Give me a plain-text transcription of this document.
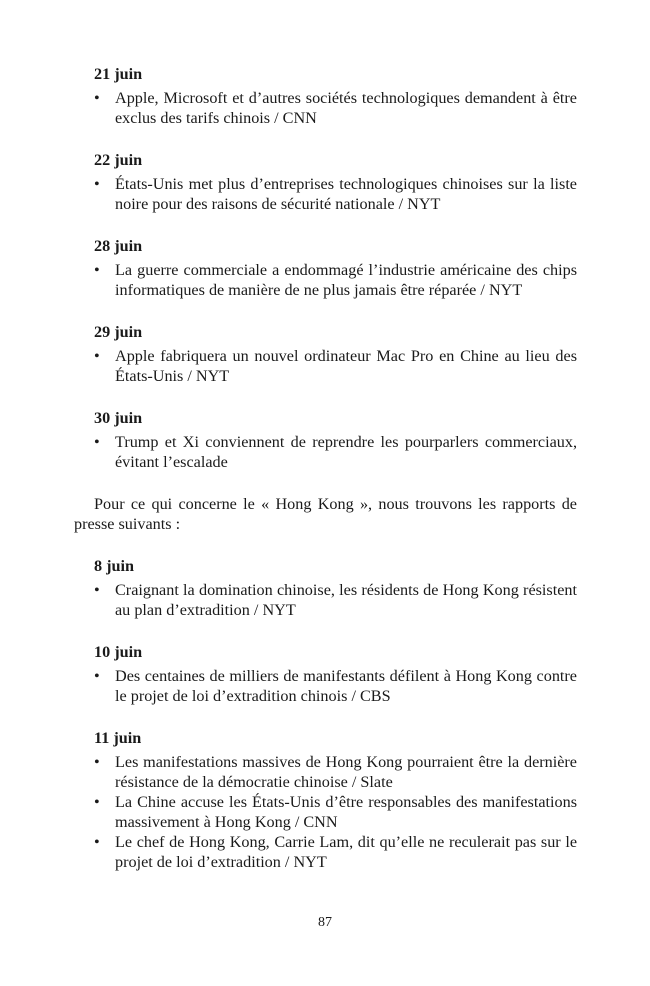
21 juin
• Apple, Microsoft et d’autres sociétés technologiques demandent à être exclus des tarifs chinois / CNN
22 juin
• États-Unis met plus d’entreprises technologiques chinoises sur la liste noire pour des raisons de sécurité nationale / NYT
28 juin
• La guerre commerciale a endommagé l’industrie américaine des chips informatiques de manière de ne plus jamais être réparée / NYT
29 juin
• Apple fabriquera un nouvel ordinateur Mac Pro en Chine au lieu des États-Unis / NYT
30 juin
• Trump et Xi conviennent de reprendre les pourparlers commerciaux, évitant l’escalade

Pour ce qui concerne le « Hong Kong », nous trouvons les rapports de presse suivants :

8 juin
• Craignant la domination chinoise, les résidents de Hong Kong résistent au plan d’extradition / NYT
10 juin
• Des centaines de milliers de manifestants défilent à Hong Kong contre le projet de loi d’extradition chinois / CBS
11 juin
• Les manifestations massives de Hong Kong pourraient être la dernière résistance de la démocratie chinoise / Slate
• La Chine accuse les États-Unis d’être responsables des manifestations massivement à Hong Kong / CNN
• Le chef de Hong Kong, Carrie Lam, dit qu’elle ne reculerait pas sur le projet de loi d’extradition / NYT
87
